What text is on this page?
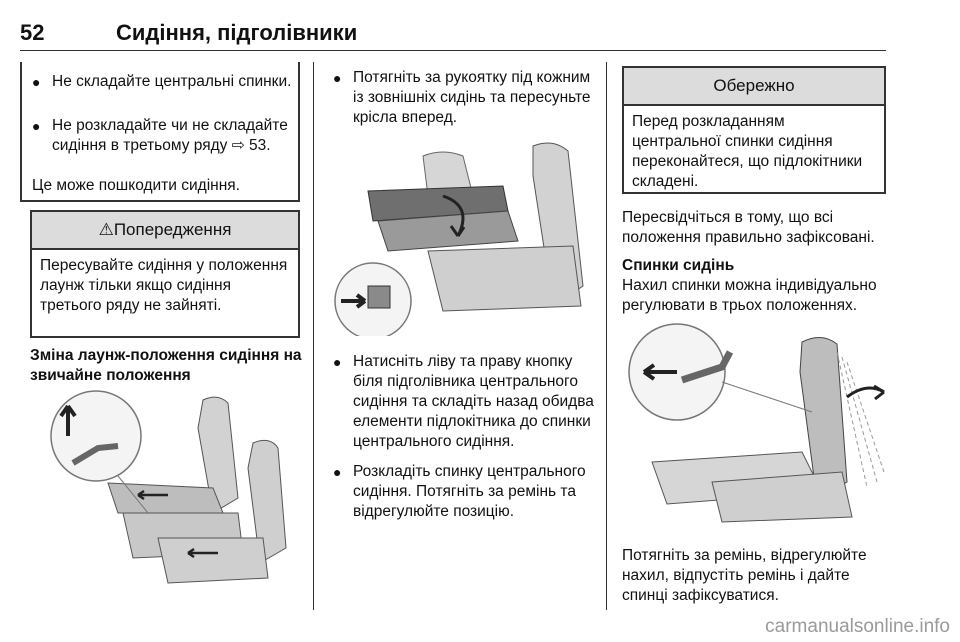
52	Сидіння, підголівники
● Не складайте центральні спинки.
● Не розкладайте чи не складайте сидіння в третьому ряду ⇨ 53.
Це може пошкодити сидіння.
⚠Попередження
Пересувайте сидіння у положення лаунж тільки якщо сидіння третього ряду не зайняті.
Зміна лаунж-положення сидіння на звичайне положення
● Потягніть за рукоятку під кожним із зовнішніх сидінь та пересуньте крісла вперед.
● Натисніть ліву та праву кнопку біля підголівника центрального сидіння та складіть назад обидва елементи підлокітника до спинки центрального сидіння.
● Розкладіть спинку центрального сидіння. Потягніть за ремінь та відрегулюйте позицію.
Обережно
Перед розкладанням центральної спинки сидіння переконайтеся, що підлокітники складені.
Пересвідчіться в тому, що всі положення правильно зафіксовані.
Спинки сидінь
Нахил спинки можна індивідуально регулювати в трьох положеннях.
Потягніть за ремінь, відрегулюйте нахил, відпустіть ремінь і дайте спинці зафіксуватися.
carmanualsonline.info
